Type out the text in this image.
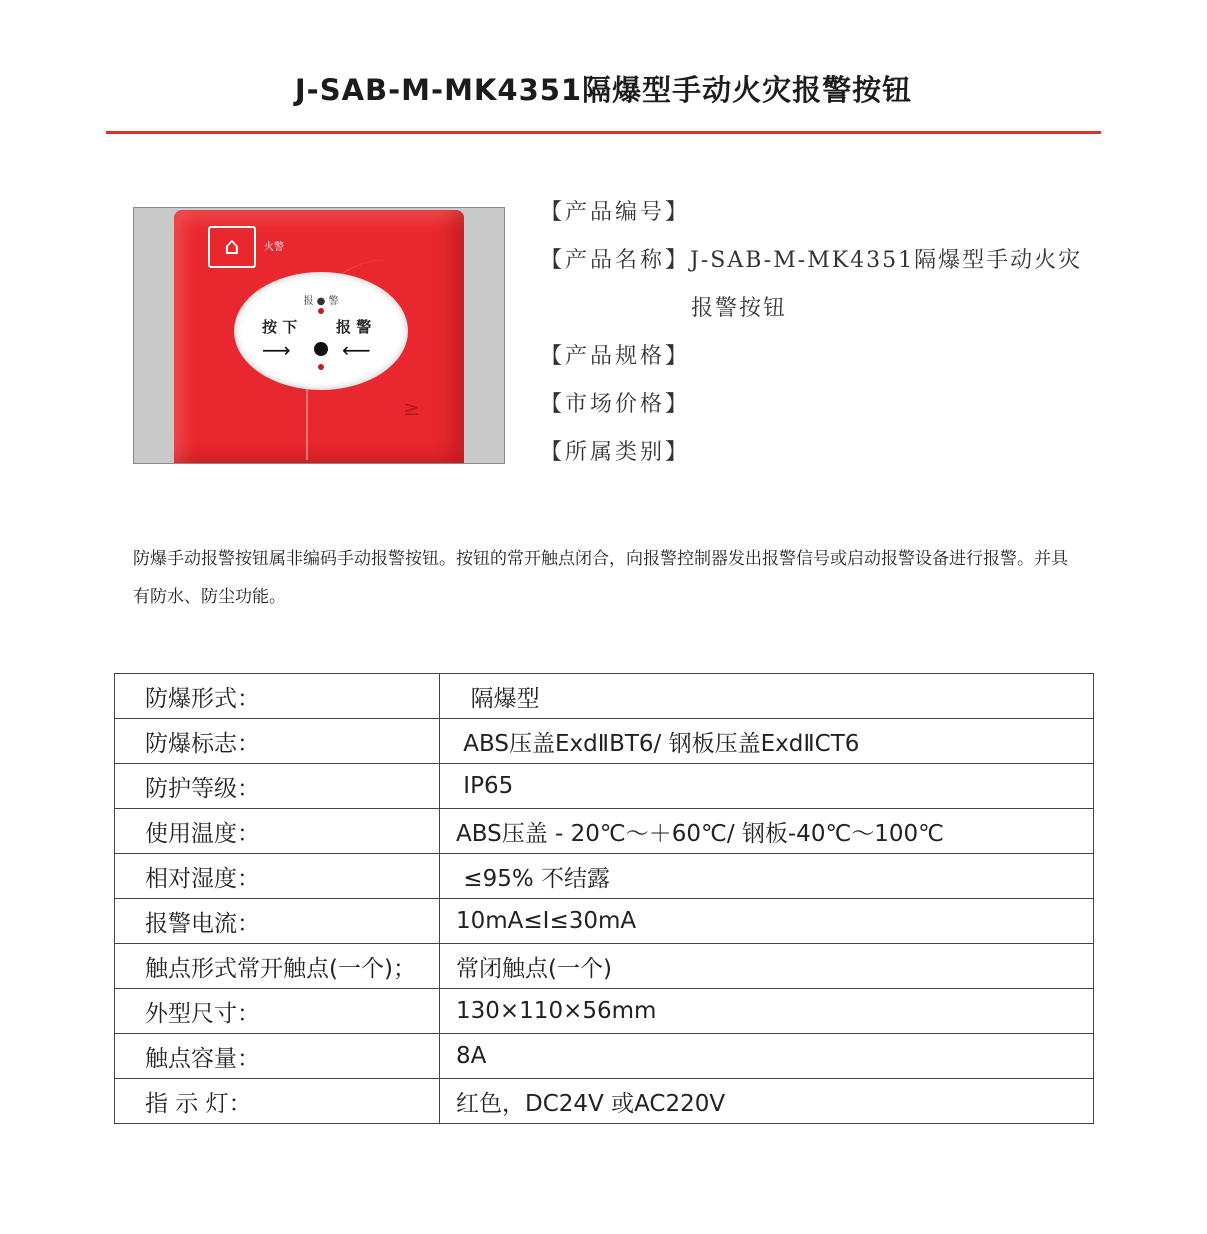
J-SAB-M-MK4351隔爆型手动火灾报警按钮
⌂	火警
报 ● 警
按 下	报 警
⟶	⟵
≥
【产品编号】
【产品名称】 J-SAB-M-MK4351隔爆型手动火灾
报警按钮
【产品规格】
【市场价格】
【所属类别】
防爆手动报警按钮属非编码手动报警按钮。按钮的常开触点闭合，向报警控制器发出报警信号或启动报警设备进行报警。并具有防水、防尘功能。
防爆形式：	隔爆型
防爆标志：	ABS压盖ExdⅡBT6/ 钢板压盖ExdⅡCT6
防护等级：	IP65
使用温度：	ABS压盖 - 20℃～＋60℃/ 钢板-40℃～100℃
相对湿度：	≤95% 不结露
报警电流：	10mA≤I≤30mA
触点形式常开触点(一个)；	常闭触点(一个)
外型尺寸：	130×110×56mm
触点容量：	8A
指 示 灯：	红色，DC24V 或AC220V
